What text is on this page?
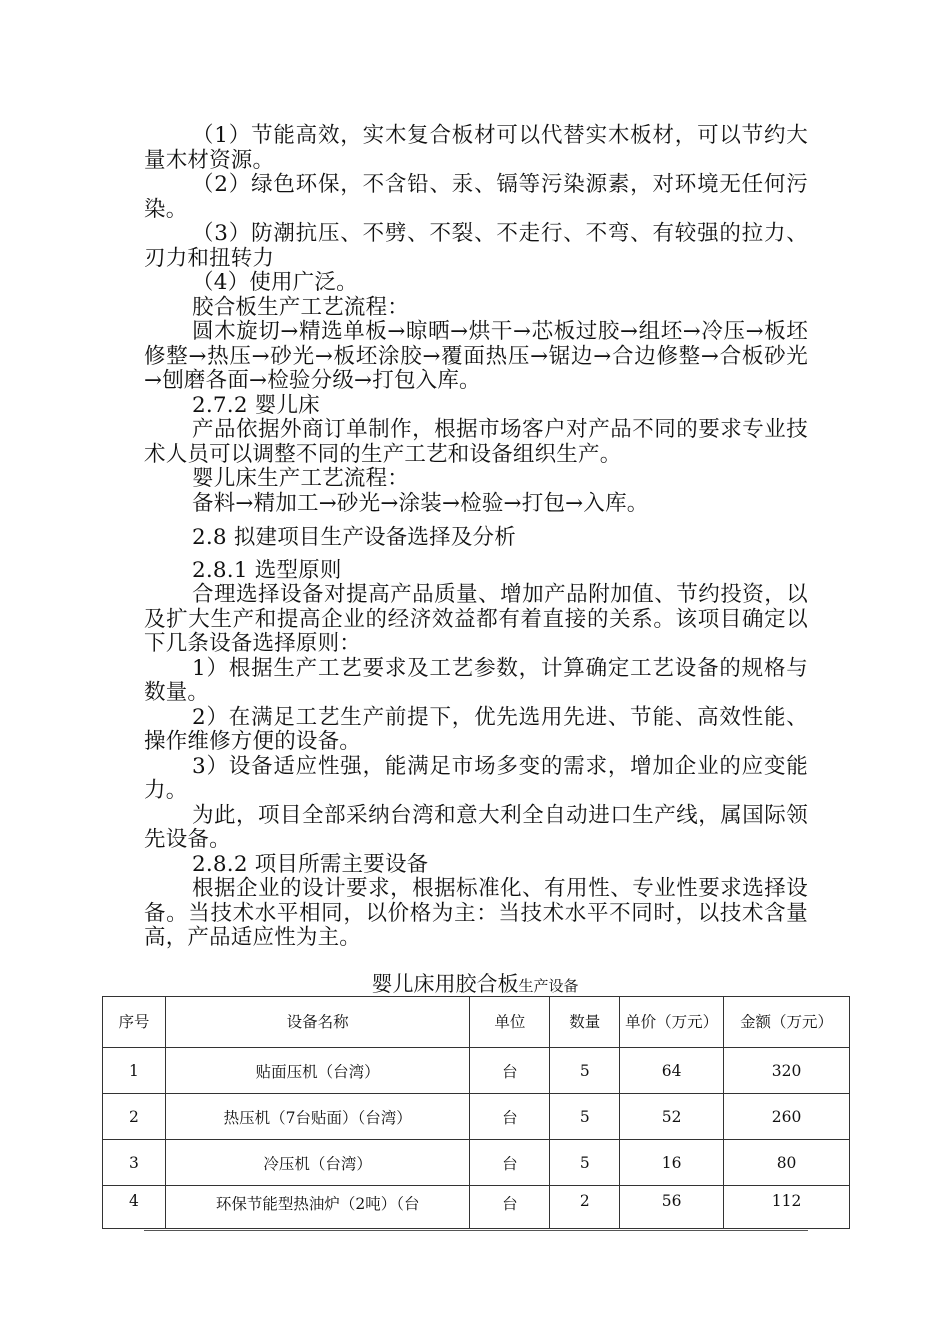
（1）节能高效，实木复合板材可以代替实木板材，可以节约大量木材资源。

（2）绿色环保，不含铅、汞、镉等污染源素，对环境无任何污染。

（3）防潮抗压、不劈、不裂、不走行、不弯、有较强的拉力、刃力和扭转力

（4）使用广泛。

胶合板生产工艺流程：

圆木旋切→精选单板→晾晒→烘干→芯板过胶→组坯→冷压→板坯修整→热压→砂光→板坯涂胶→覆面热压→锯边→合边修整→合板砂光→刨磨各面→检验分级→打包入库。

2.7.2 婴儿床

产品依据外商订单制作，根据市场客户对产品不同的要求专业技术人员可以调整不同的生产工艺和设备组织生产。

婴儿床生产工艺流程：

备料→精加工→砂光→涂装→检验→打包→入库。

2.8 拟建项目生产设备选择及分析

2.8.1 选型原则

合理选择设备对提高产品质量、增加产品附加值、节约投资，以及扩大生产和提高企业的经济效益都有着直接的关系。该项目确定以下几条设备选择原则：

1）根据生产工艺要求及工艺参数，计算确定工艺设备的规格与数量。

2）在满足工艺生产前提下，优先选用先进、节能、高效性能、操作维修方便的设备。

3）设备适应性强，能满足市场多变的需求，增加企业的应变能力。

为此，项目全部采纳台湾和意大利全自动进口生产线，属国际领先设备。

2.8.2 项目所需主要设备

根据企业的设计要求，根据标准化、有用性、专业性要求选择设备。当技术水平相同，以价格为主：当技术水平不同时，以技术含量高，产品适应性为主。

婴儿床用胶合板生产设备
序号	设备名称	单位	数量	单价（万元）	金额（万元）
1	贴面压机（台湾）	台	5	64	320
2	热压机（7台贴面）（台湾）	台	5	52	260
3	冷压机（台湾）	台	5	16	80
4	环保节能型热油炉（2吨）（台	台	2	56	112
